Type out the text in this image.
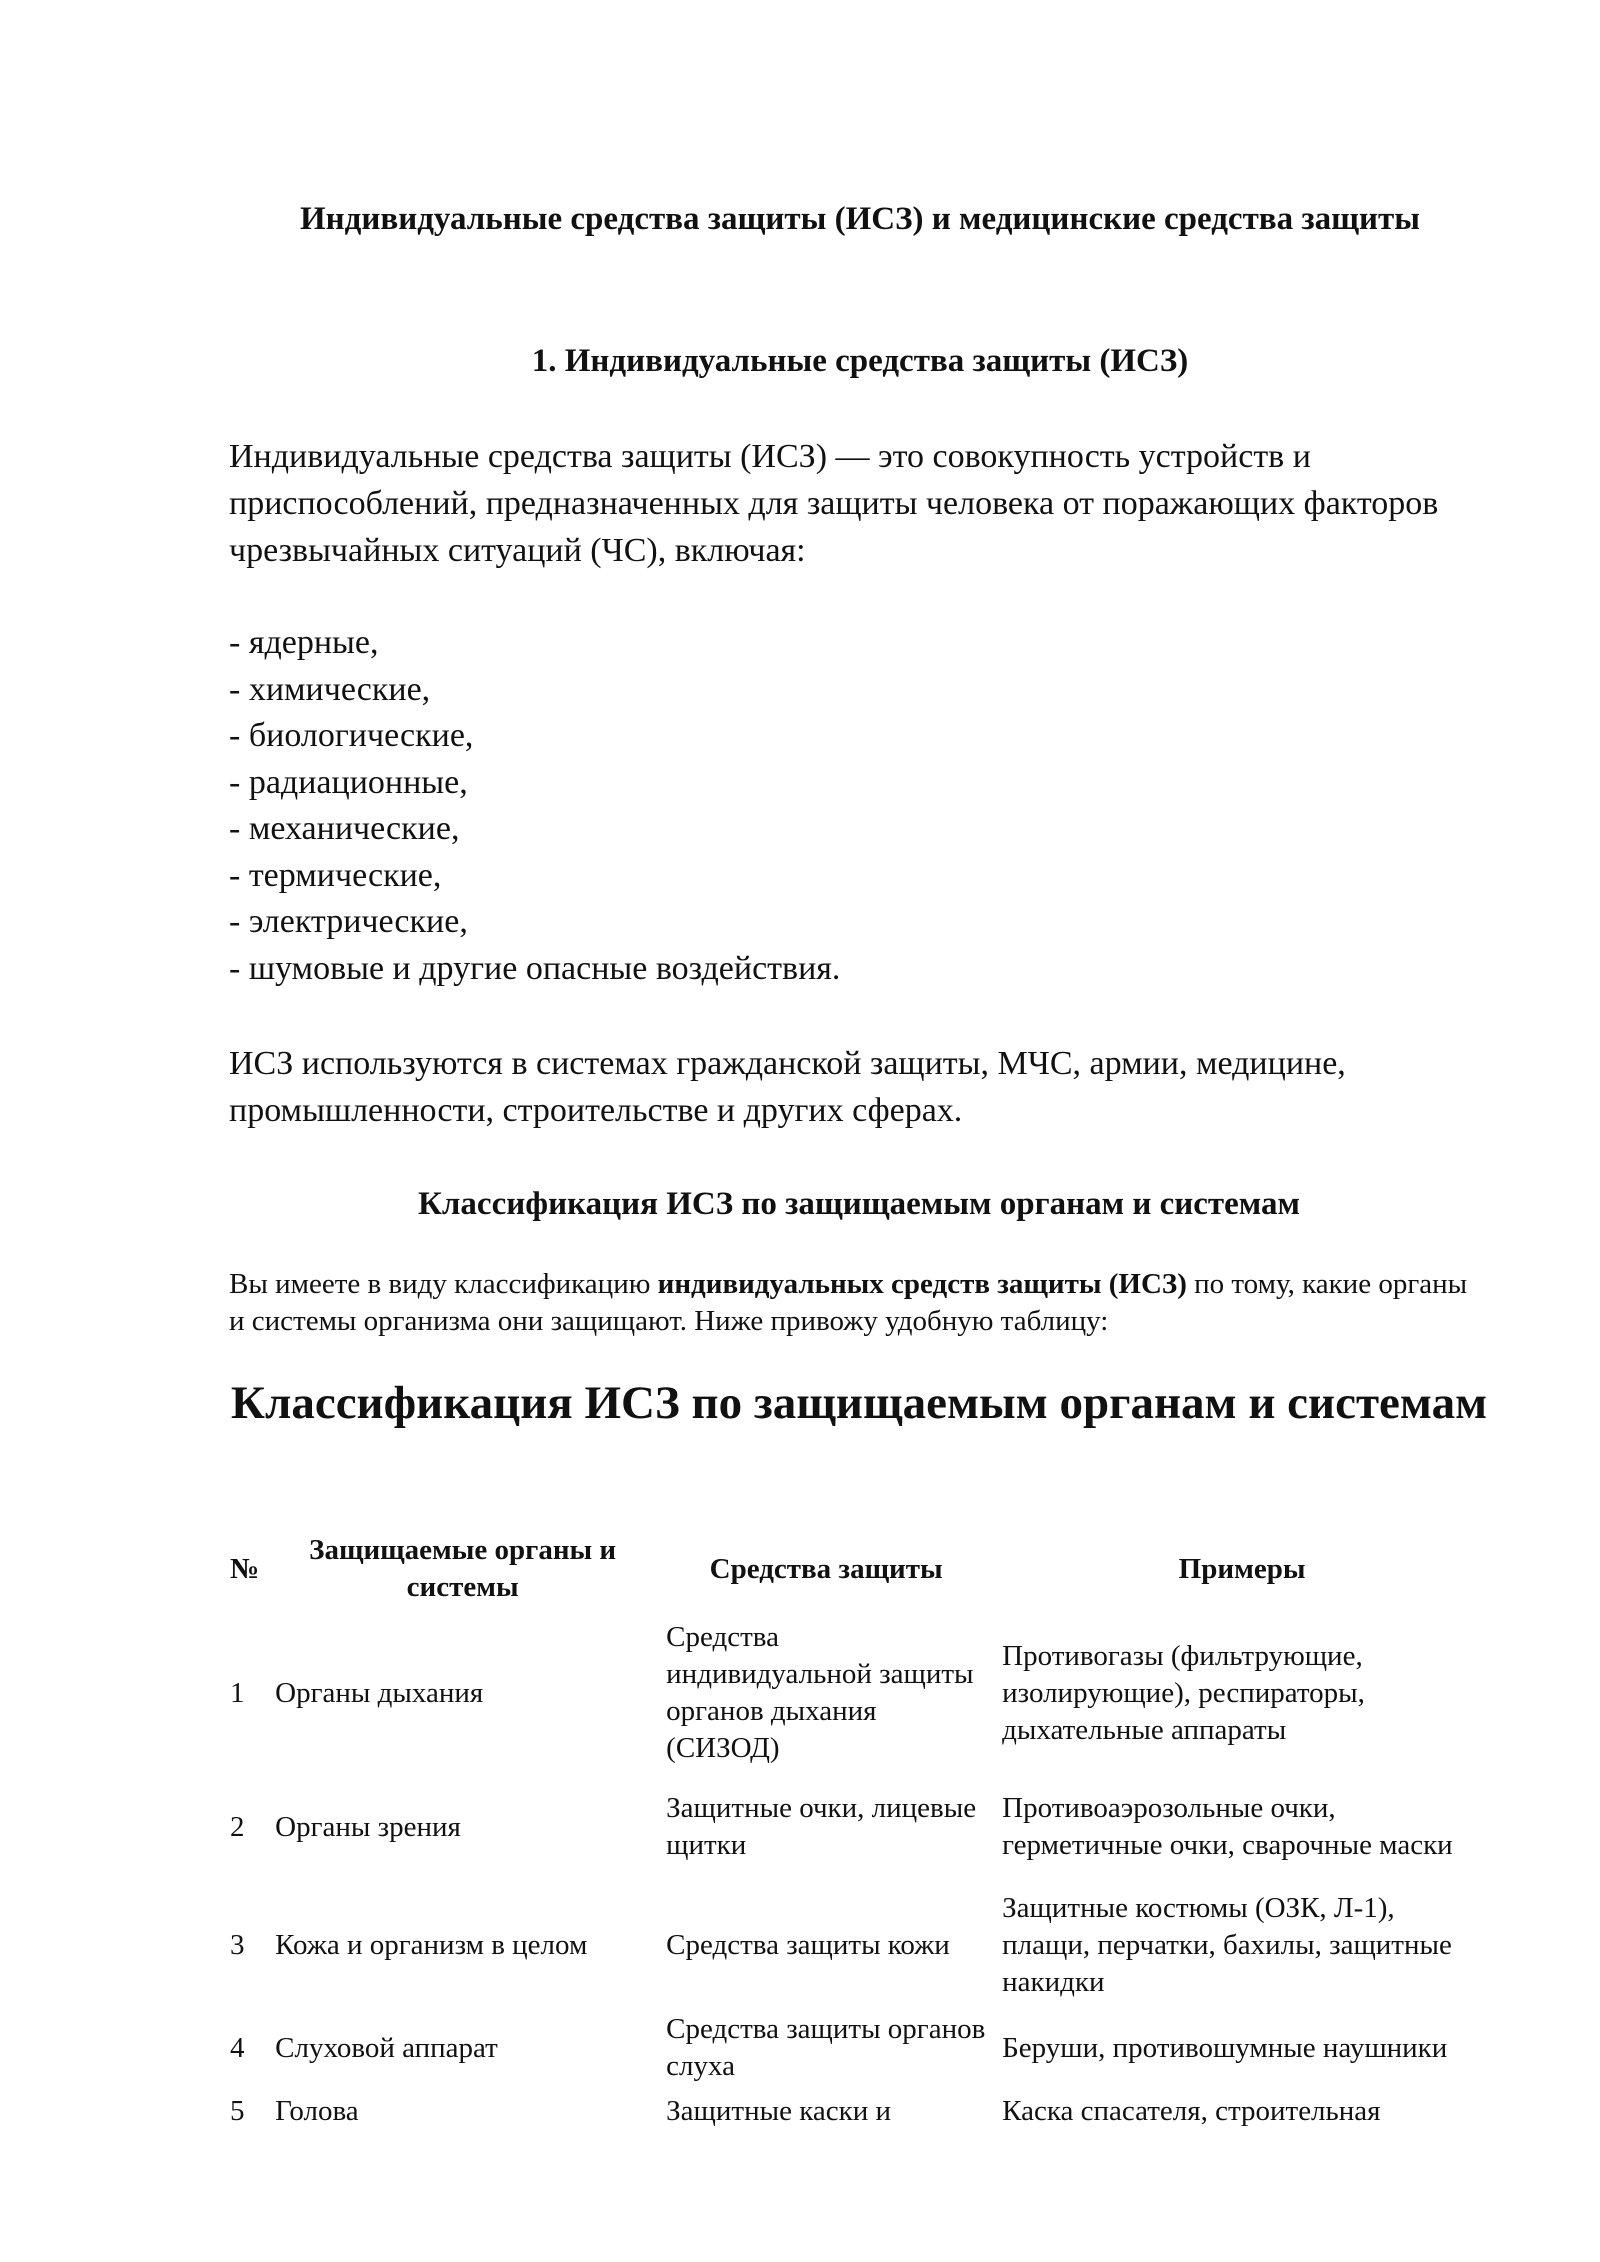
Индивидуальные средства защиты (ИСЗ) и медицинские средства защиты
1. Индивидуальные средства защиты (ИСЗ)

Индивидуальные средства защиты (ИСЗ) — это совокупность устройств и приспособлений, предназначенных для защиты человека от поражающих факторов чрезвычайных ситуаций (ЧС), включая:

- ядерные,
- химические,
- биологические,
- радиационные,
- механические,
- термические,
- электрические,
- шумовые и другие опасные воздействия.

ИСЗ используются в системах гражданской защиты, МЧС, армии, медицине, промышленности, строительстве и других сферах.

Классификация ИСЗ по защищаемым органам и системам

Вы имеете в виду классификацию индивидуальных средств защиты (ИСЗ) по тому, какие органы и системы организма они защищают. Ниже привожу удобную таблицу:

Классификация ИСЗ по защищаемым органам и системам
№	Защищаемые органы и системы	Средства защиты	Примеры
1	Органы дыхания	Средства индивидуальной защиты органов дыхания (СИЗОД)	Противогазы (фильтрующие, изолирующие), респираторы, дыхательные аппараты
2	Органы зрения	Защитные очки, лицевые щитки	Противоаэрозольные очки, герметичные очки, сварочные маски
3	Кожа и организм в целом	Средства защиты кожи	Защитные костюмы (ОЗК, Л-1), плащи, перчатки, бахилы, защитные накидки
4	Слуховой аппарат	Средства защиты органов слуха	Беруши, противошумные наушники
5	Голова	Защитные каски и	Каска спасателя, строительная
